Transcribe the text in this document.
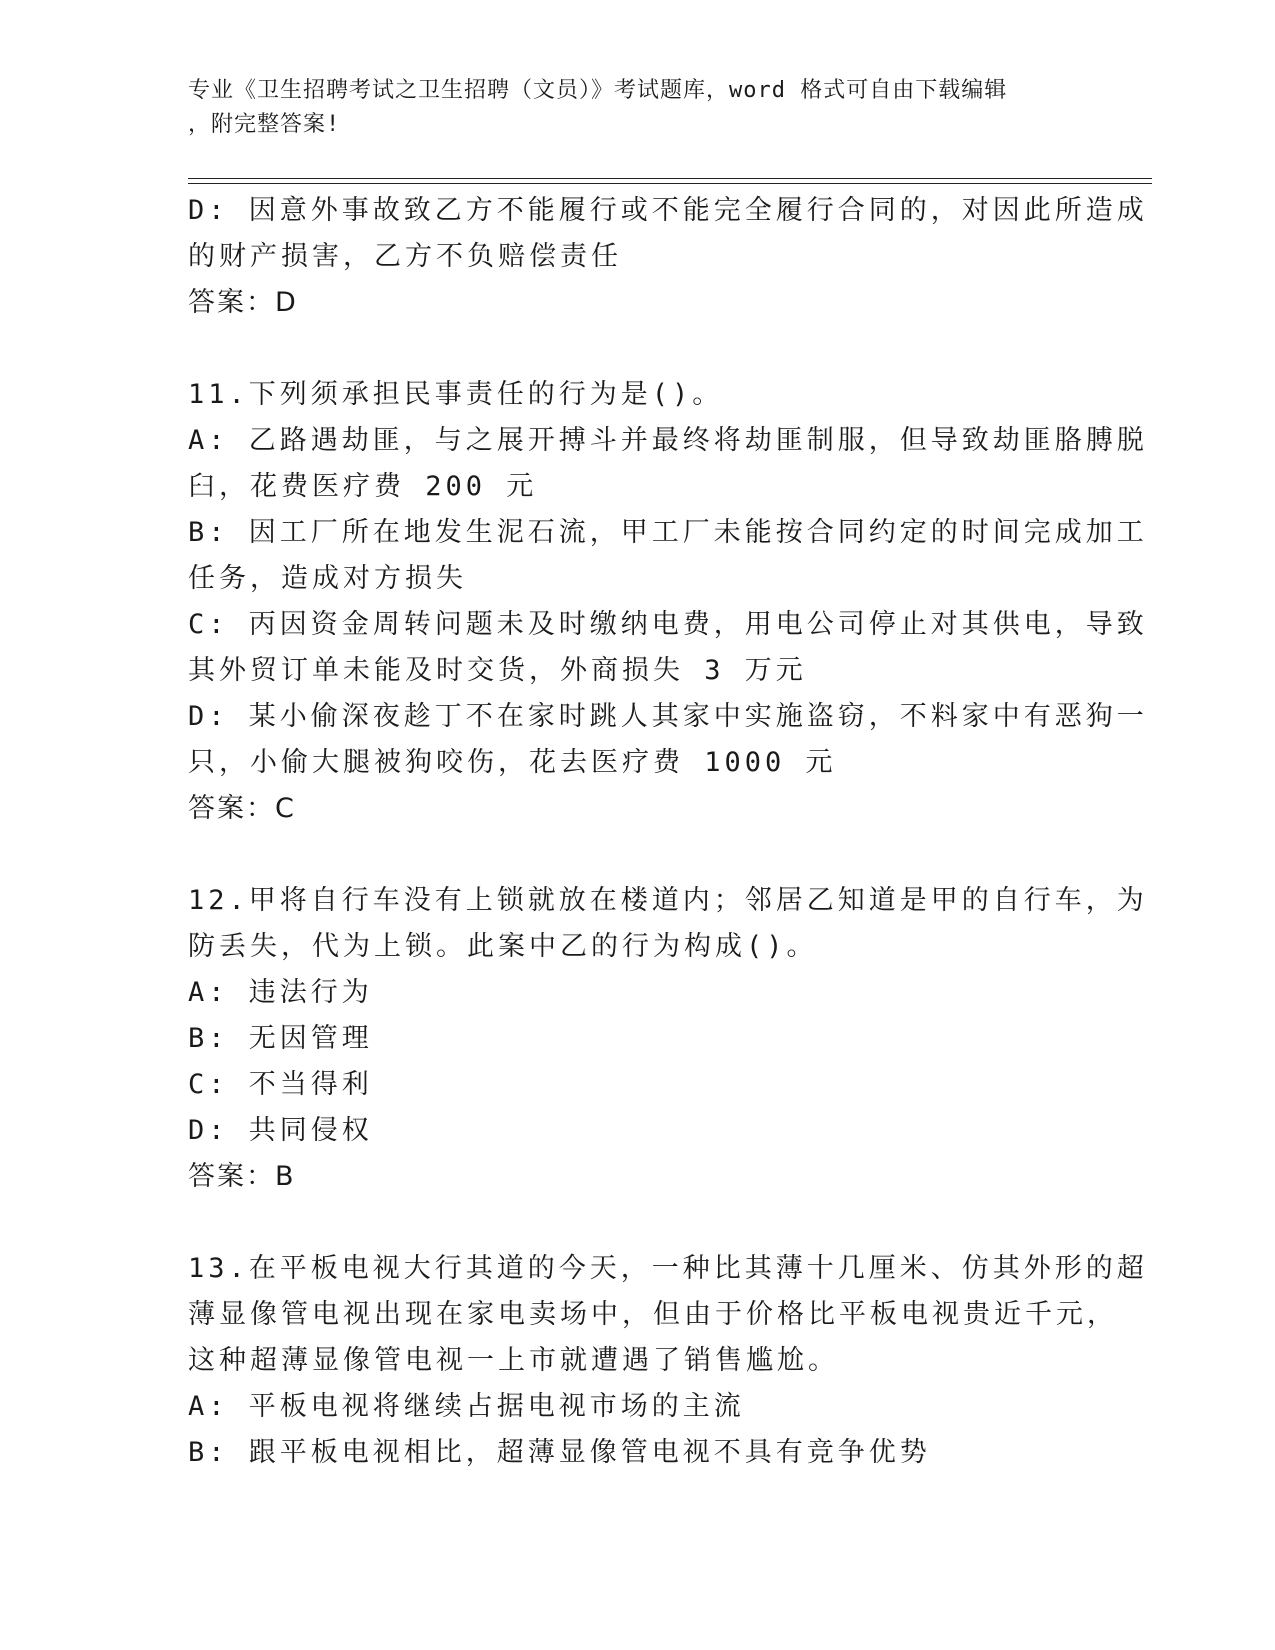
专业《卫生招聘考试之卫生招聘（文员）》考试题库，word 格式可自由下载编辑
，附完整答案!
D: 因意外事故致乙方不能履行或不能完全履行合同的，对因此所造成
的财产损害，乙方不负赔偿责任
答案：D
11.下列须承担民事责任的行为是()。
A: 乙路遇劫匪，与之展开搏斗并最终将劫匪制服，但导致劫匪胳膊脱
臼，花费医疗费 200 元
B: 因工厂所在地发生泥石流，甲工厂未能按合同约定的时间完成加工
任务，造成对方损失
C: 丙因资金周转问题未及时缴纳电费，用电公司停止对其供电，导致
其外贸订单未能及时交货，外商损失 3 万元
D: 某小偷深夜趁丁不在家时跳人其家中实施盗窃，不料家中有恶狗一
只，小偷大腿被狗咬伤，花去医疗费 1000 元
答案：C
12.甲将自行车没有上锁就放在楼道内；邻居乙知道是甲的自行车，为
防丢失，代为上锁。此案中乙的行为构成()。
A: 违法行为
B: 无因管理
C: 不当得利
D: 共同侵权
答案：B
13.在平板电视大行其道的今天，一种比其薄十几厘米、仿其外形的超
薄显像管电视出现在家电卖场中，但由于价格比平板电视贵近千元，
这种超薄显像管电视一上市就遭遇了销售尴尬。
A: 平板电视将继续占据电视市场的主流
B: 跟平板电视相比，超薄显像管电视不具有竞争优势
